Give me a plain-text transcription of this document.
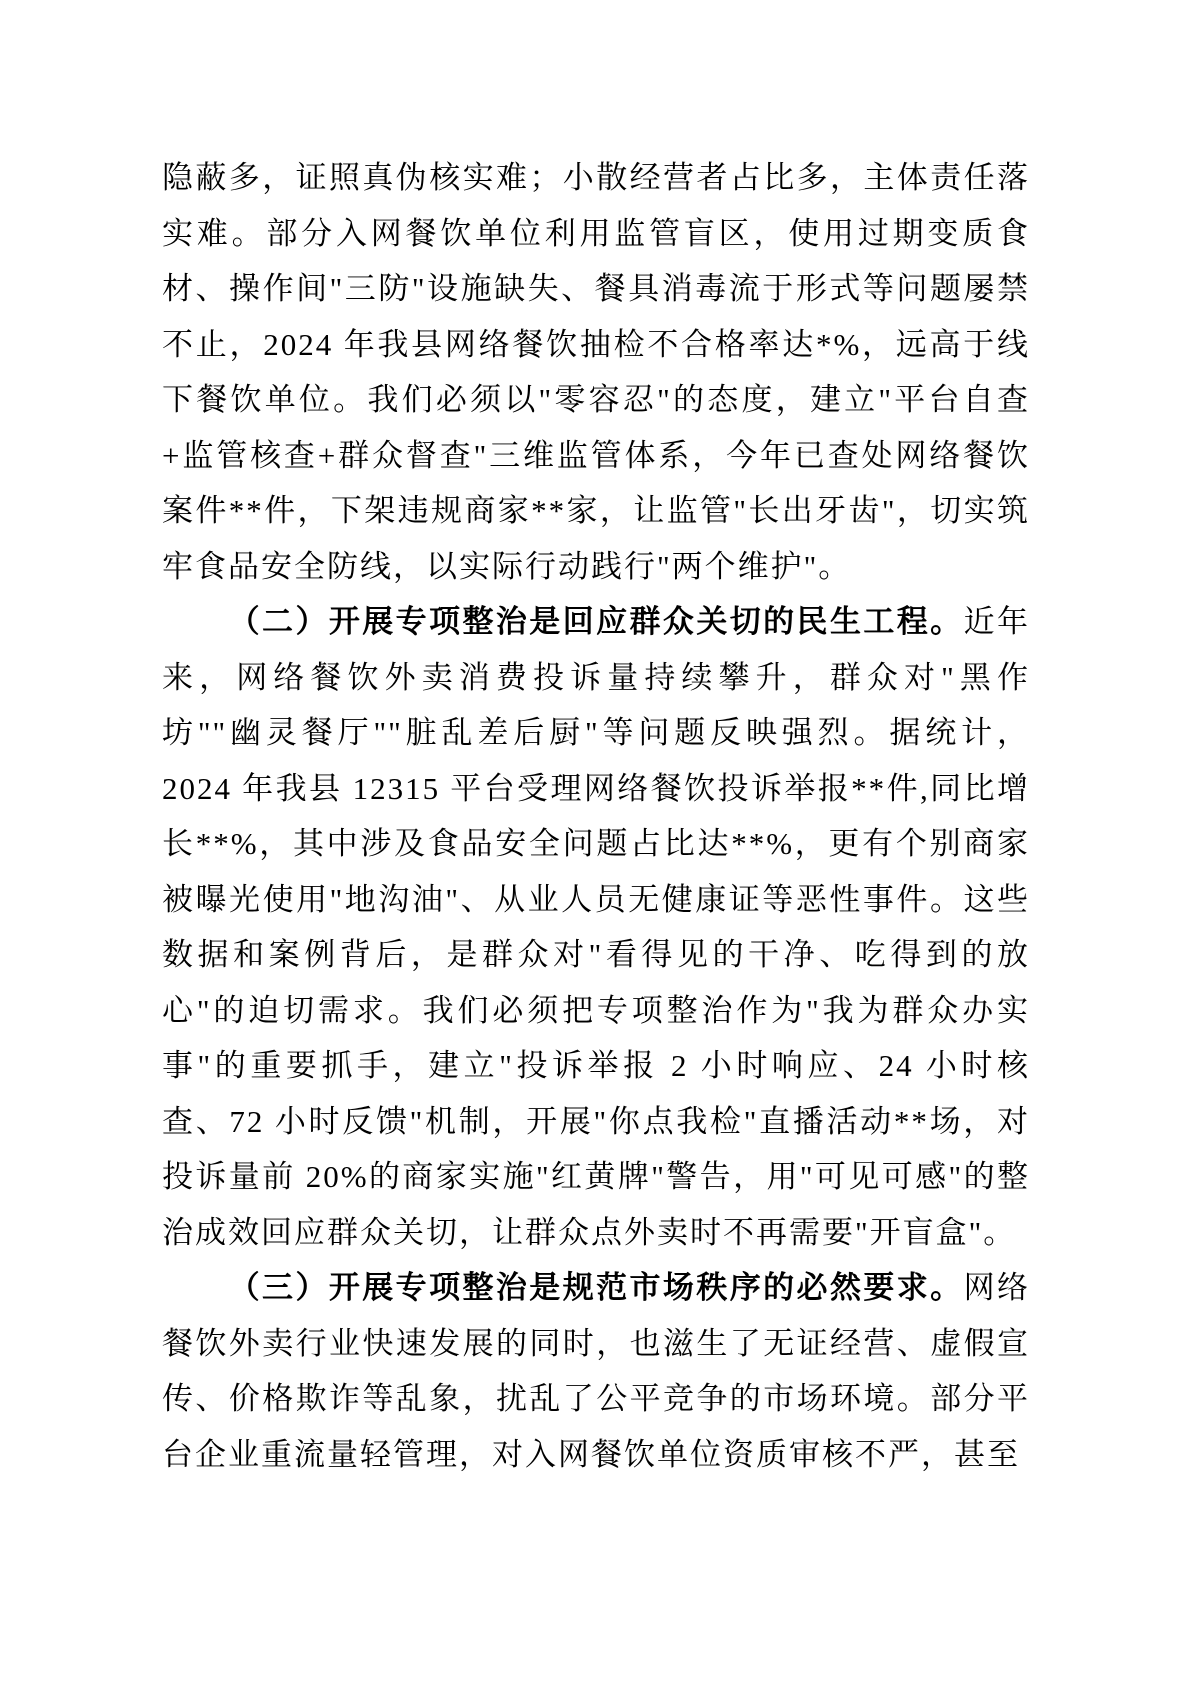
隐蔽多，证照真伪核实难；小散经营者占比多，主体责任落实难。部分入网餐饮单位利用监管盲区，使用过期变质食材、操作间"三防"设施缺失、餐具消毒流于形式等问题屡禁不止，2024 年我县网络餐饮抽检不合格率达*%，远高于线下餐饮单位。我们必须以"零容忍"的态度，建立"平台自查+监管核查+群众督查"三维监管体系，今年已查处网络餐饮案件**件，下架违规商家**家，让监管"长出牙齿"，切实筑牢食品安全防线，以实际行动践行"两个维护"。

（二）开展专项整治是回应群众关切的民生工程。近年来，网络餐饮外卖消费投诉量持续攀升，群众对"黑作坊""幽灵餐厅""脏乱差后厨"等问题反映强烈。据统计，2024 年我县 12315 平台受理网络餐饮投诉举报**件,同比增长**%，其中涉及食品安全问题占比达**%，更有个别商家被曝光使用"地沟油"、从业人员无健康证等恶性事件。这些数据和案例背后，是群众对"看得见的干净、吃得到的放心"的迫切需求。我们必须把专项整治作为"我为群众办实事"的重要抓手，建立"投诉举报 2 小时响应、24 小时核查、72 小时反馈"机制，开展"你点我检"直播活动**场，对投诉量前 20%的商家实施"红黄牌"警告，用"可见可感"的整治成效回应群众关切，让群众点外卖时不再需要"开盲盒"。

（三）开展专项整治是规范市场秩序的必然要求。网络餐饮外卖行业快速发展的同时，也滋生了无证经营、虚假宣传、价格欺诈等乱象，扰乱了公平竞争的市场环境。部分平台企业重流量轻管理，对入网餐饮单位资质审核不严，甚至
